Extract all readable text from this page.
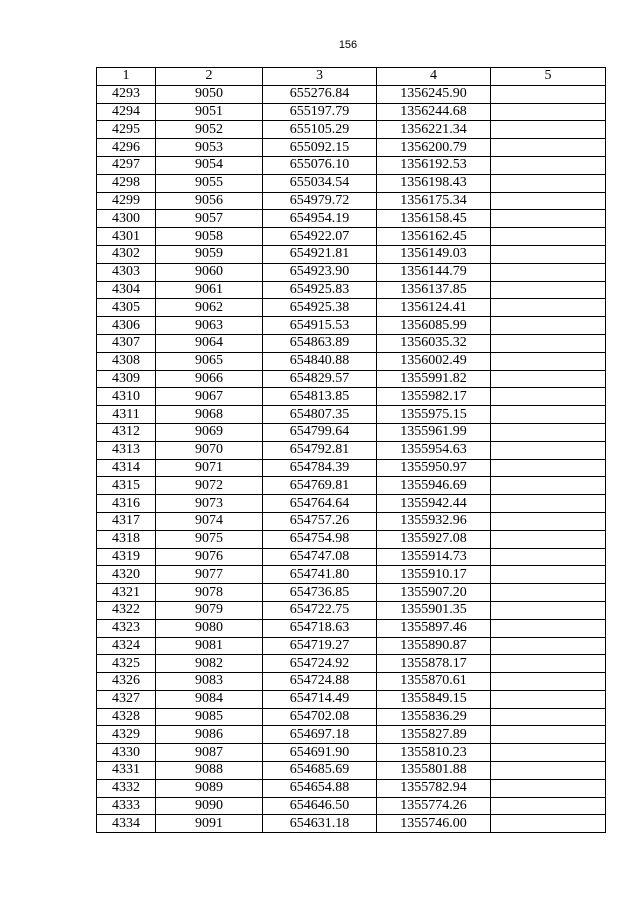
156
1	2	3	4	5
4293	9050	655276.84	1356245.90	
4294	9051	655197.79	1356244.68	
4295	9052	655105.29	1356221.34	
4296	9053	655092.15	1356200.79	
4297	9054	655076.10	1356192.53	
4298	9055	655034.54	1356198.43	
4299	9056	654979.72	1356175.34	
4300	9057	654954.19	1356158.45	
4301	9058	654922.07	1356162.45	
4302	9059	654921.81	1356149.03	
4303	9060	654923.90	1356144.79	
4304	9061	654925.83	1356137.85	
4305	9062	654925.38	1356124.41	
4306	9063	654915.53	1356085.99	
4307	9064	654863.89	1356035.32	
4308	9065	654840.88	1356002.49	
4309	9066	654829.57	1355991.82	
4310	9067	654813.85	1355982.17	
4311	9068	654807.35	1355975.15	
4312	9069	654799.64	1355961.99	
4313	9070	654792.81	1355954.63	
4314	9071	654784.39	1355950.97	
4315	9072	654769.81	1355946.69	
4316	9073	654764.64	1355942.44	
4317	9074	654757.26	1355932.96	
4318	9075	654754.98	1355927.08	
4319	9076	654747.08	1355914.73	
4320	9077	654741.80	1355910.17	
4321	9078	654736.85	1355907.20	
4322	9079	654722.75	1355901.35	
4323	9080	654718.63	1355897.46	
4324	9081	654719.27	1355890.87	
4325	9082	654724.92	1355878.17	
4326	9083	654724.88	1355870.61	
4327	9084	654714.49	1355849.15	
4328	9085	654702.08	1355836.29	
4329	9086	654697.18	1355827.89	
4330	9087	654691.90	1355810.23	
4331	9088	654685.69	1355801.88	
4332	9089	654654.88	1355782.94	
4333	9090	654646.50	1355774.26	
4334	9091	654631.18	1355746.00	
